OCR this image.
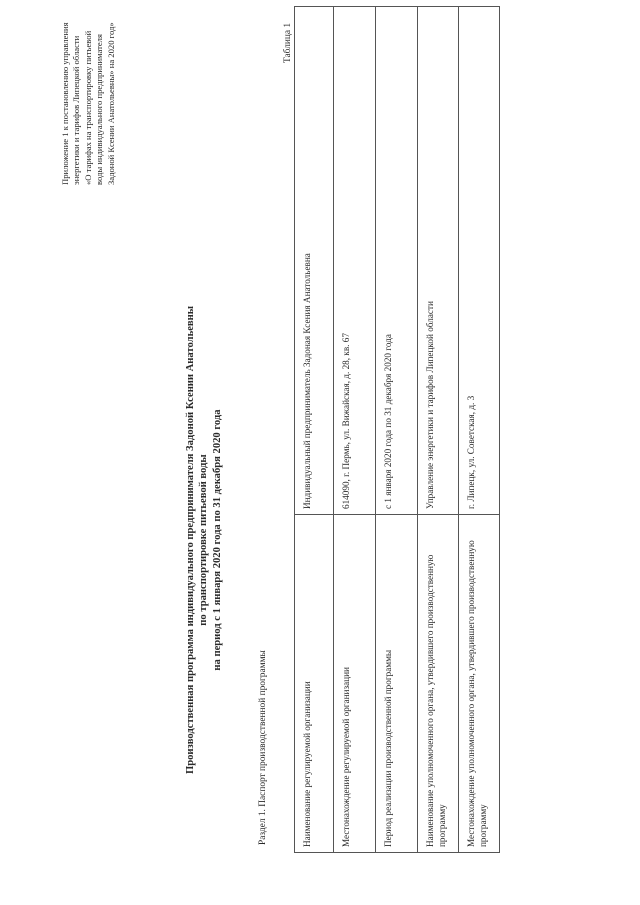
Приложение 1 к постановлению управления энергетики и тарифов Липецкой области «О тарифах на транспортировку питьевой воды индивидуального предпринимателя Задоной Ксении Анатольевны» на 2020 год»
Производственная программа индивидуального предпринимателя Задоной Ксении Анатольевны по транспортировке питьевой воды на период с 1 января 2020 года по 31 декабря 2020 года
Таблица 1
Раздел 1. Паспорт производственной программы	Наименование регулируемой организации	Индивидуальный предприниматель Задоная Ксения Анатольевна
Местонахождение регулируемой организации	614090, г. Пермь, ул. Вижайская, д. 28, кв. 67
Период реализации производственной программы	с 1 января 2020 года по 31 декабря 2020 года
Наименование уполномоченного органа, утвердившего производственную программу	Управление энергетики и тарифов Липецкой области
Местонахождение уполномоченного органа, утвердившего производственную программу	г. Липецк, ул. Советская, д. 3
